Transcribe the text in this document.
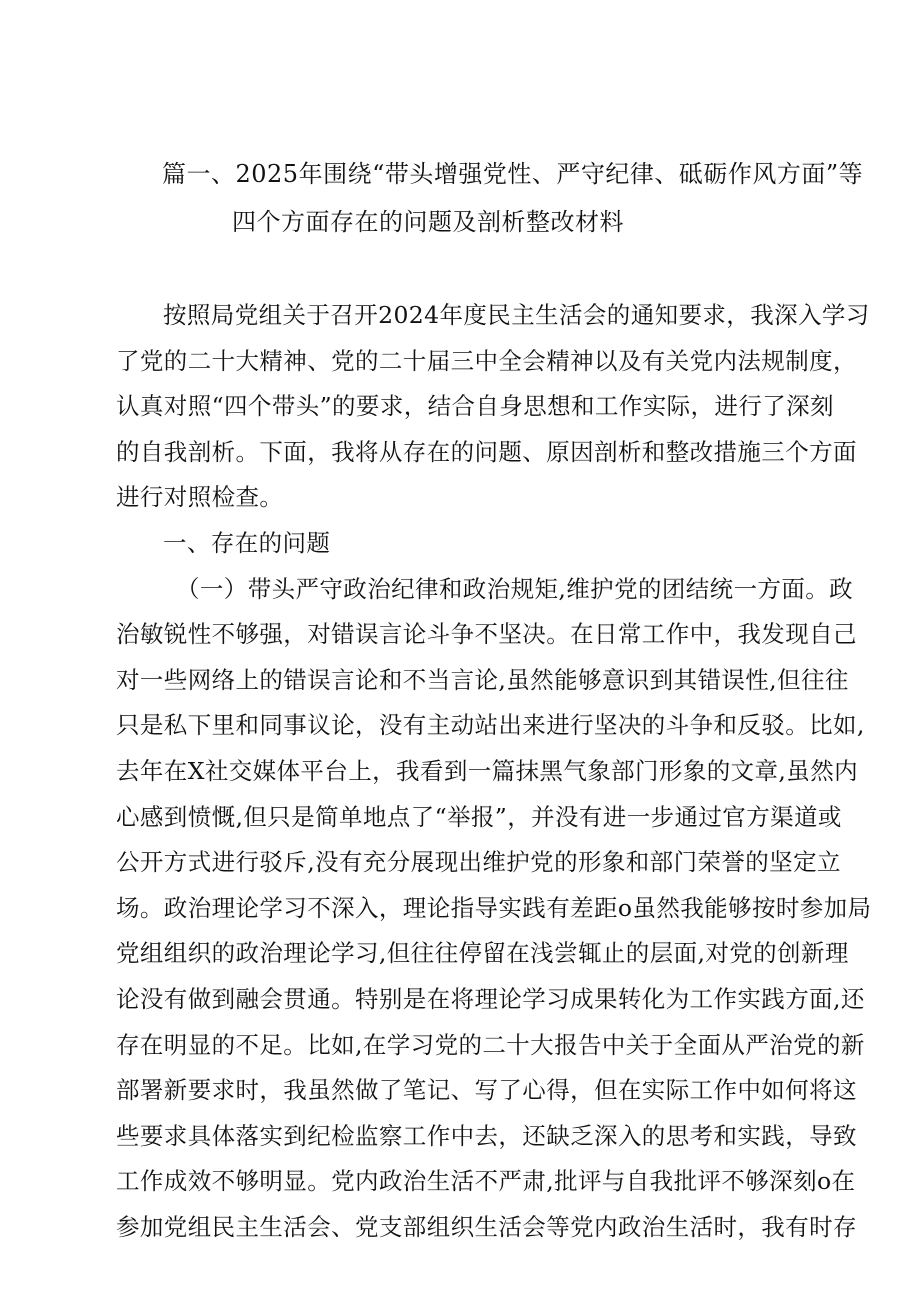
篇一、2025年围绕“带头增强党性、严守纪律、砥砺作风方面”等
四个方面存在的问题及剖析整改材料
按照局党组关于召开2024年度民主生活会的通知要求，我深入学习
了党的二十大精神、党的二十届三中全会精神以及有关党内法规制度，
认真对照“四个带头”的要求，结合自身思想和工作实际，进行了深刻
的自我剖析。下面，我将从存在的问题、原因剖析和整改措施三个方面
进行对照检查。
一、存在的问题
（一）带头严守政治纪律和政治规矩,维护党的团结统一方面。政
治敏锐性不够强，对错误言论斗争不坚决。在日常工作中，我发现自己
对一些网络上的错误言论和不当言论,虽然能够意识到其错误性,但往往
只是私下里和同事议论，没有主动站出来进行坚决的斗争和反驳。比如,
去年在X社交媒体平台上，我看到一篇抹黑气象部门形象的文章,虽然内
心感到愤慨,但只是简单地点了“举报”，并没有进一步通过官方渠道或
公开方式进行驳斥,没有充分展现出维护党的形象和部门荣誉的坚定立
场。政治理论学习不深入，理论指导实践有差距o虽然我能够按时参加局
党组组织的政治理论学习,但往往停留在浅尝辄止的层面,对党的创新理
论没有做到融会贯通。特别是在将理论学习成果转化为工作实践方面,还
存在明显的不足。比如,在学习党的二十大报告中关于全面从严治党的新
部署新要求时，我虽然做了笔记、写了心得，但在实际工作中如何将这
些要求具体落实到纪检监察工作中去，还缺乏深入的思考和实践，导致
工作成效不够明显。党内政治生活不严肃,批评与自我批评不够深刻o在
参加党组民主生活会、党支部组织生活会等党内政治生活时，我有时存
